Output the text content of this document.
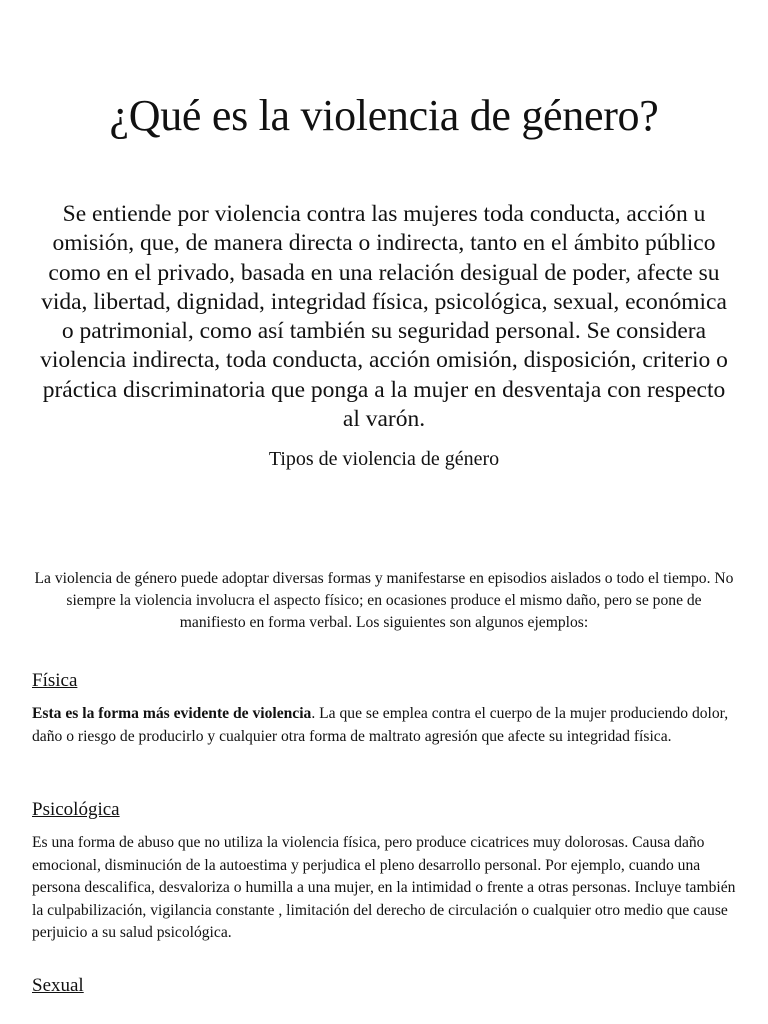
¿Qué es la violencia de género?

Se entiende por violencia contra las mujeres toda conducta, acción u omisión, que, de manera directa o indirecta, tanto en el ámbito público como en el privado, basada en una relación desigual de poder, afecte su vida, libertad, dignidad, integridad física, psicológica, sexual, económica o patrimonial, como así también su seguridad personal. Se considera violencia indirecta, toda conducta, acción omisión, disposición, criterio o práctica discriminatoria que ponga a la mujer en desventaja con respecto al varón.

Tipos de violencia de género

La violencia de género puede adoptar diversas formas y manifestarse en episodios aislados o todo el tiempo. No siempre la violencia involucra el aspecto físico; en ocasiones produce el mismo daño, pero se pone de manifiesto en forma verbal. Los siguientes son algunos ejemplos:

Física

Esta es la forma más evidente de violencia. La que se emplea contra el cuerpo de la mujer produciendo dolor, daño o riesgo de producirlo y cualquier otra forma de maltrato agresión que afecte su integridad física.

Psicológica

Es una forma de abuso que no utiliza la violencia física, pero produce cicatrices muy dolorosas. Causa daño emocional, disminución de la autoestima y perjudica el pleno desarrollo personal. Por ejemplo, cuando una persona descalifica, desvaloriza o humilla a una mujer, en la intimidad o frente a otras personas. Incluye también la culpabilización, vigilancia constante , limitación del derecho de circulación o cualquier otro medio que cause perjuicio a su salud psicológica.

Sexual
